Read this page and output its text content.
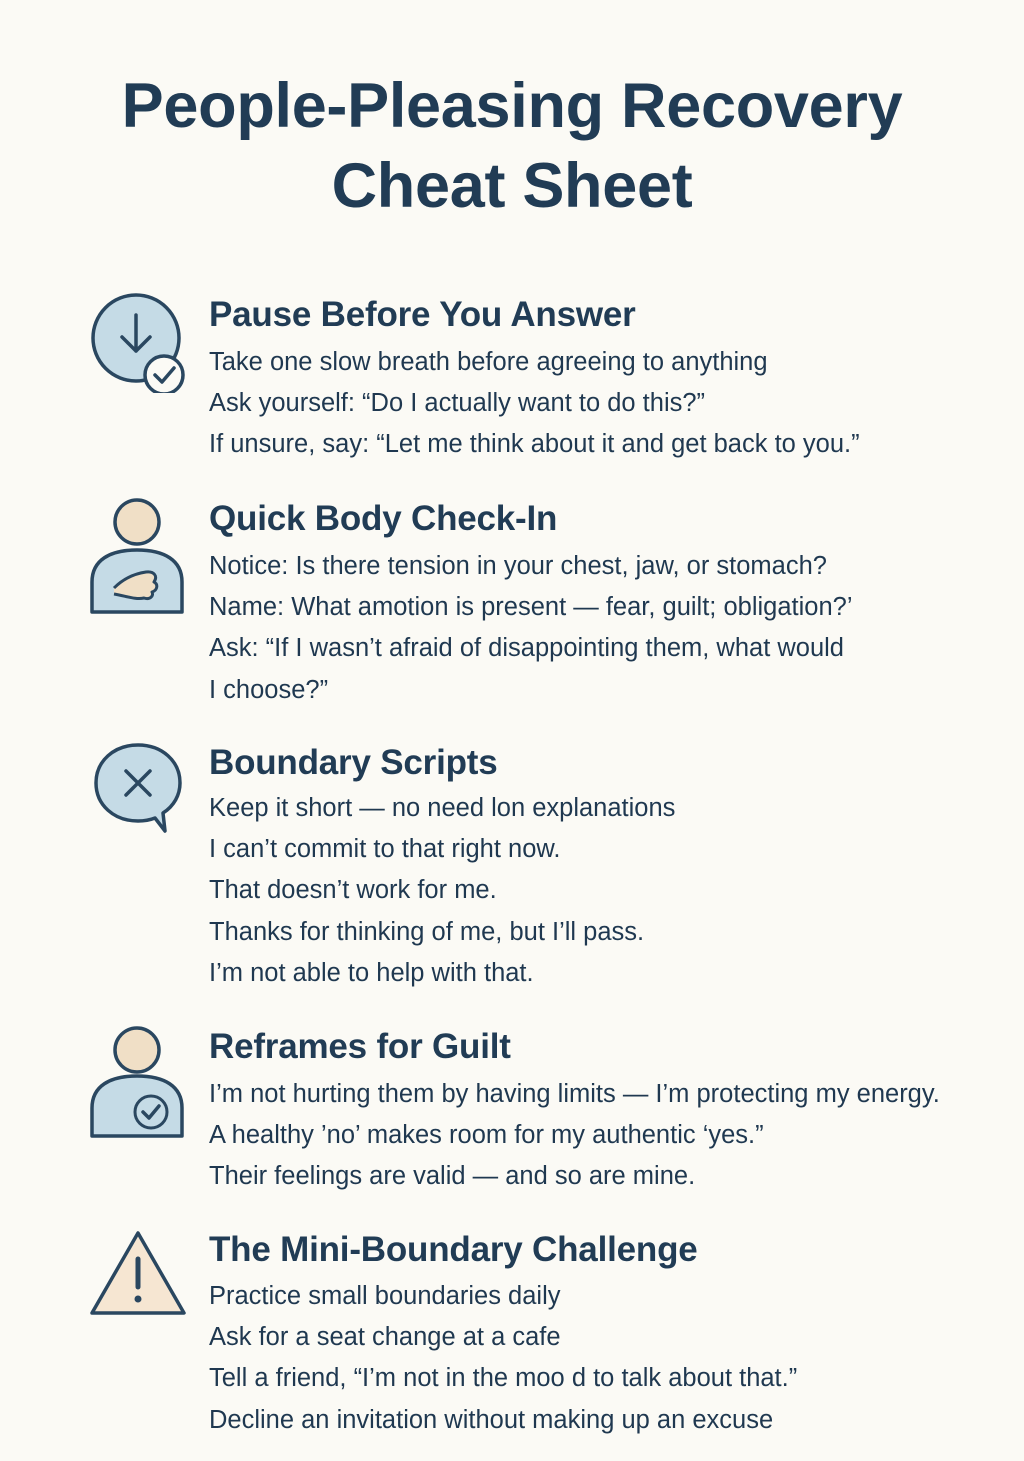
People-Pleasing Recovery
Cheat Sheet
Pause Before You Answer
Take one slow breath before agreeing to anything
Ask yourself: “Do I actually want to do this?”
If unsure, say: “Let me think about it and get back to you.”
Quick Body Check-In
Notice: Is there tension in your chest, jaw, or stomach?
Name: What amotion is present — fear, guilt; obligation?’
Ask: “If I wasn’t afraid of disappointing them, what would
I choose?”
Boundary Scripts
Keep it short — no need lon explanations
I can’t commit to that right now.
That doesn’t work for me.
Thanks for thinking of me, but I’ll pass.
I’m not able to help with that.
Reframes for Guilt
I’m not hurting them by having limits — I’m protecting my energy.
A healthy ’no’ makes room for my authentic ‘yes.”
Their feelings are valid — and so are mine.
The Mini-Boundary Challenge
Practice small boundaries daily
Ask for a seat change at a cafe
Tell a friend, “I’m not in the moo d to talk about that.”
Decline an invitation without making up an excuse
